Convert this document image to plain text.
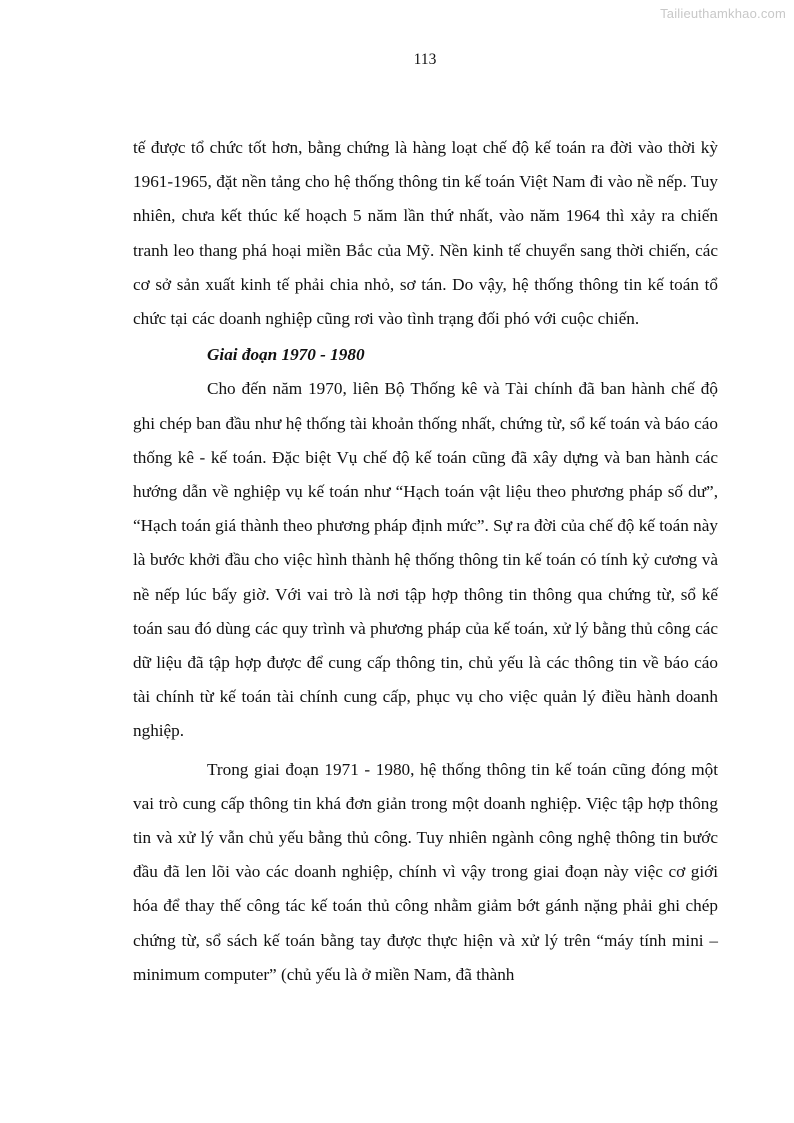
Tailieuthamkhao.com
113

tế được tổ chức tốt hơn, bằng chứng là hàng loạt chế độ kế toán ra đời vào thời kỳ 1961-1965, đặt nền tảng cho hệ thống thông tin kế toán Việt Nam đi vào nề nếp. Tuy nhiên, chưa kết thúc kế hoạch 5 năm lần thứ nhất, vào năm 1964 thì xảy ra chiến tranh leo thang phá hoại miền Bắc của Mỹ. Nền kinh tế chuyển sang thời chiến, các cơ sở sản xuất kinh tế phải chia nhỏ, sơ tán. Do vậy, hệ thống thông tin kế toán tổ chức tại các doanh nghiệp cũng rơi vào tình trạng đối phó với cuộc chiến.

Giai đoạn 1970 - 1980

Cho đến năm 1970, liên Bộ Thống kê và Tài chính đã ban hành chế độ ghi chép ban đầu như hệ thống tài khoản thống nhất, chứng từ, sổ kế toán và báo cáo thống kê - kế toán. Đặc biệt Vụ chế độ kế toán cũng đã xây dựng và ban hành các hướng dẫn về nghiệp vụ kế toán như “Hạch toán vật liệu theo phương pháp số dư”, “Hạch toán giá thành theo phương pháp định mức”. Sự ra đời của chế độ kế toán này là bước khởi đầu cho việc hình thành hệ thống thông tin kế toán có tính kỷ cương và nề nếp lúc bấy giờ. Với vai trò là nơi tập hợp thông tin thông qua chứng từ, sổ kế toán sau đó dùng các quy trình và phương pháp của kế toán, xử lý bằng thủ công các dữ liệu đã tập hợp được để cung cấp thông tin, chủ yếu là các thông tin về báo cáo tài chính từ kế toán tài chính cung cấp, phục vụ cho việc quản lý điều hành doanh nghiệp.

Trong giai đoạn 1971 - 1980, hệ thống thông tin kế toán cũng đóng một vai trò cung cấp thông tin khá đơn giản trong một doanh nghiệp. Việc tập hợp thông tin và xử lý vẫn chủ yếu bằng thủ công. Tuy nhiên ngành công nghệ thông tin bước đầu đã len lõi vào các doanh nghiệp, chính vì vậy trong giai đoạn này việc cơ giới hóa để thay thế công tác kế toán thủ công nhằm giảm bớt gánh nặng phải ghi chép chứng từ, sổ sách kế toán bằng tay được thực hiện và xử lý trên “máy tính mini – minimum computer” (chủ yếu là ở miền Nam, đã thành
